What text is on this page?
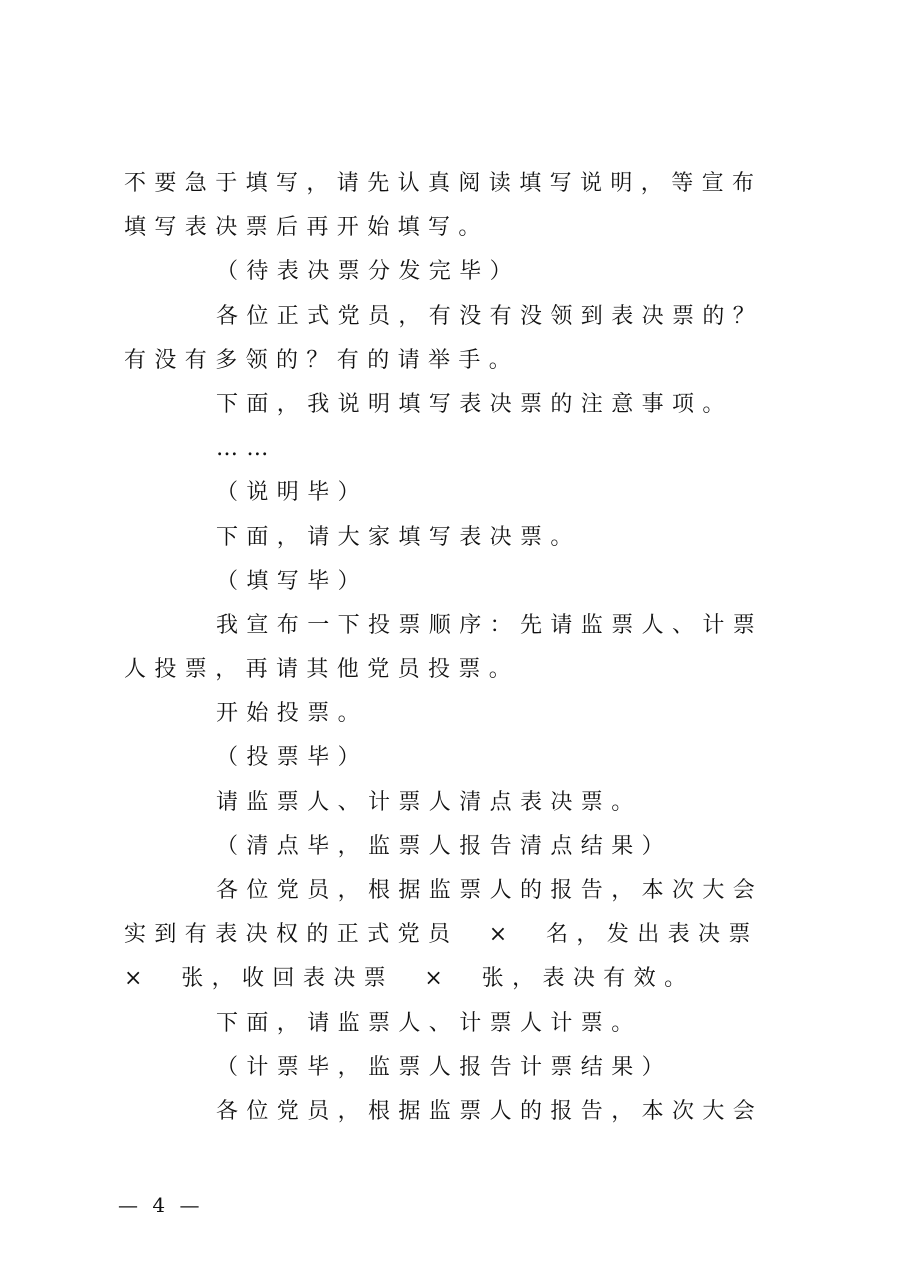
不要急于填写，请先认真阅读填写说明，等宣布
填写表决票后再开始填写。
（待表决票分发完毕）
各位正式党员，有没有没领到表决票的？
有没有多领的？有的请举手。
下面，我说明填写表决票的注意事项。
……
（说明毕）
下面，请大家填写表决票。
（填写毕）
我宣布一下投票顺序：先请监票人、计票
人投票，再请其他党员投票。
开始投票。
（投票毕）
请监票人、计票人清点表决票。
（清点毕，监票人报告清点结果）
各位党员，根据监票人的报告，本次大会
实到有表决权的正式党员　×　名，发出表决票
×　张，收回表决票　×　张，表决有效。
下面，请监票人、计票人计票。
（计票毕，监票人报告计票结果）
各位党员，根据监票人的报告，本次大会
— 4 —
